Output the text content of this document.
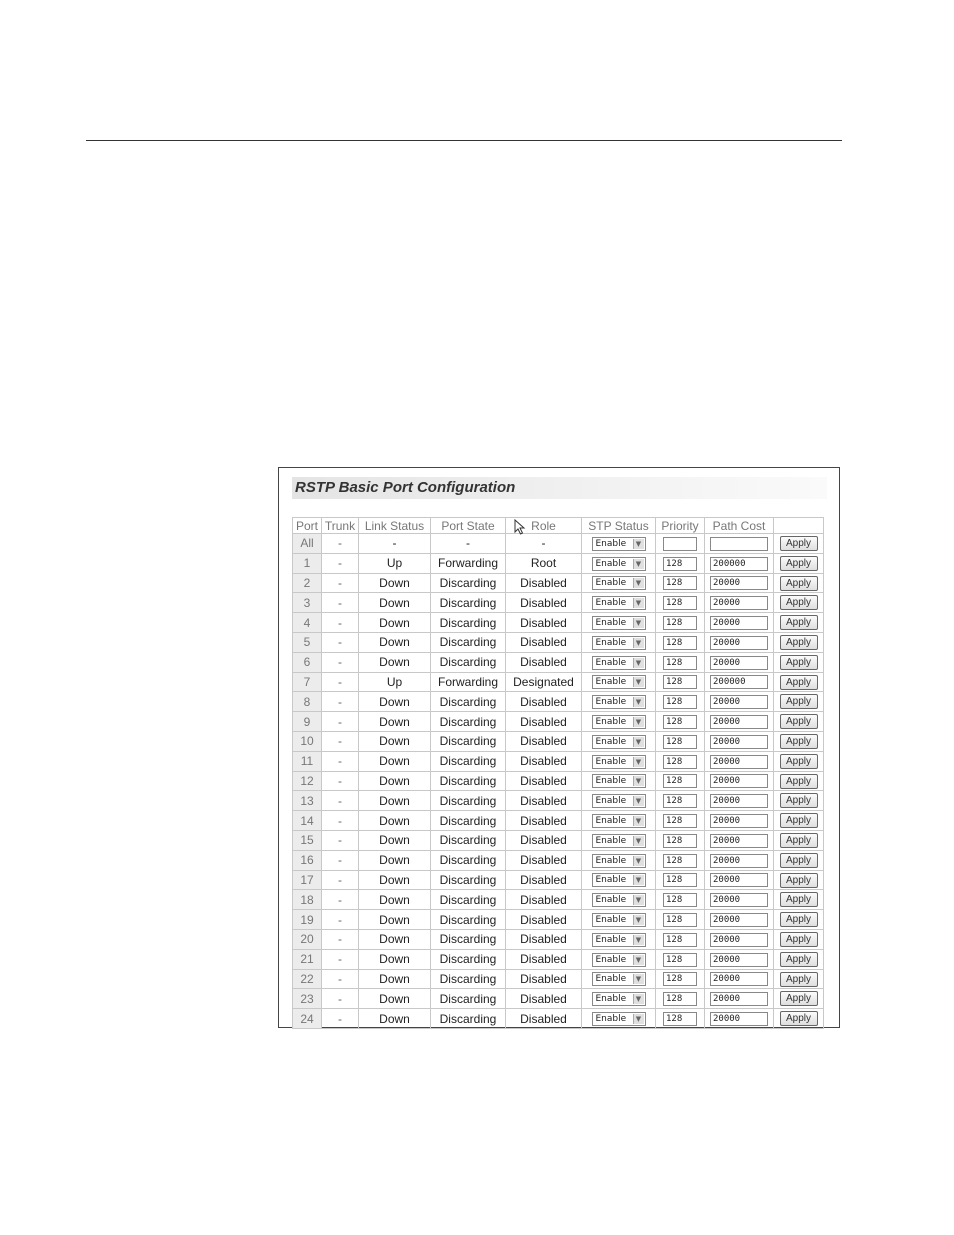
RSTP Basic Port Configuration
Port	Trunk	Link Status	Port State	Role	STP Status	Priority	Path Cost	
All	-	-	-	-	Enable ▼			Apply
1	-	Up	Forwarding	Root	Enable ▼	128	200000	Apply
2	-	Down	Discarding	Disabled	Enable ▼	128	20000	Apply
3	-	Down	Discarding	Disabled	Enable ▼	128	20000	Apply
4	-	Down	Discarding	Disabled	Enable ▼	128	20000	Apply
5	-	Down	Discarding	Disabled	Enable ▼	128	20000	Apply
6	-	Down	Discarding	Disabled	Enable ▼	128	20000	Apply
7	-	Up	Forwarding	Designated	Enable ▼	128	200000	Apply
8	-	Down	Discarding	Disabled	Enable ▼	128	20000	Apply
9	-	Down	Discarding	Disabled	Enable ▼	128	20000	Apply
10	-	Down	Discarding	Disabled	Enable ▼	128	20000	Apply
11	-	Down	Discarding	Disabled	Enable ▼	128	20000	Apply
12	-	Down	Discarding	Disabled	Enable ▼	128	20000	Apply
13	-	Down	Discarding	Disabled	Enable ▼	128	20000	Apply
14	-	Down	Discarding	Disabled	Enable ▼	128	20000	Apply
15	-	Down	Discarding	Disabled	Enable ▼	128	20000	Apply
16	-	Down	Discarding	Disabled	Enable ▼	128	20000	Apply
17	-	Down	Discarding	Disabled	Enable ▼	128	20000	Apply
18	-	Down	Discarding	Disabled	Enable ▼	128	20000	Apply
19	-	Down	Discarding	Disabled	Enable ▼	128	20000	Apply
20	-	Down	Discarding	Disabled	Enable ▼	128	20000	Apply
21	-	Down	Discarding	Disabled	Enable ▼	128	20000	Apply
22	-	Down	Discarding	Disabled	Enable ▼	128	20000	Apply
23	-	Down	Discarding	Disabled	Enable ▼	128	20000	Apply
24	-	Down	Discarding	Disabled	Enable ▼	128	20000	Apply
